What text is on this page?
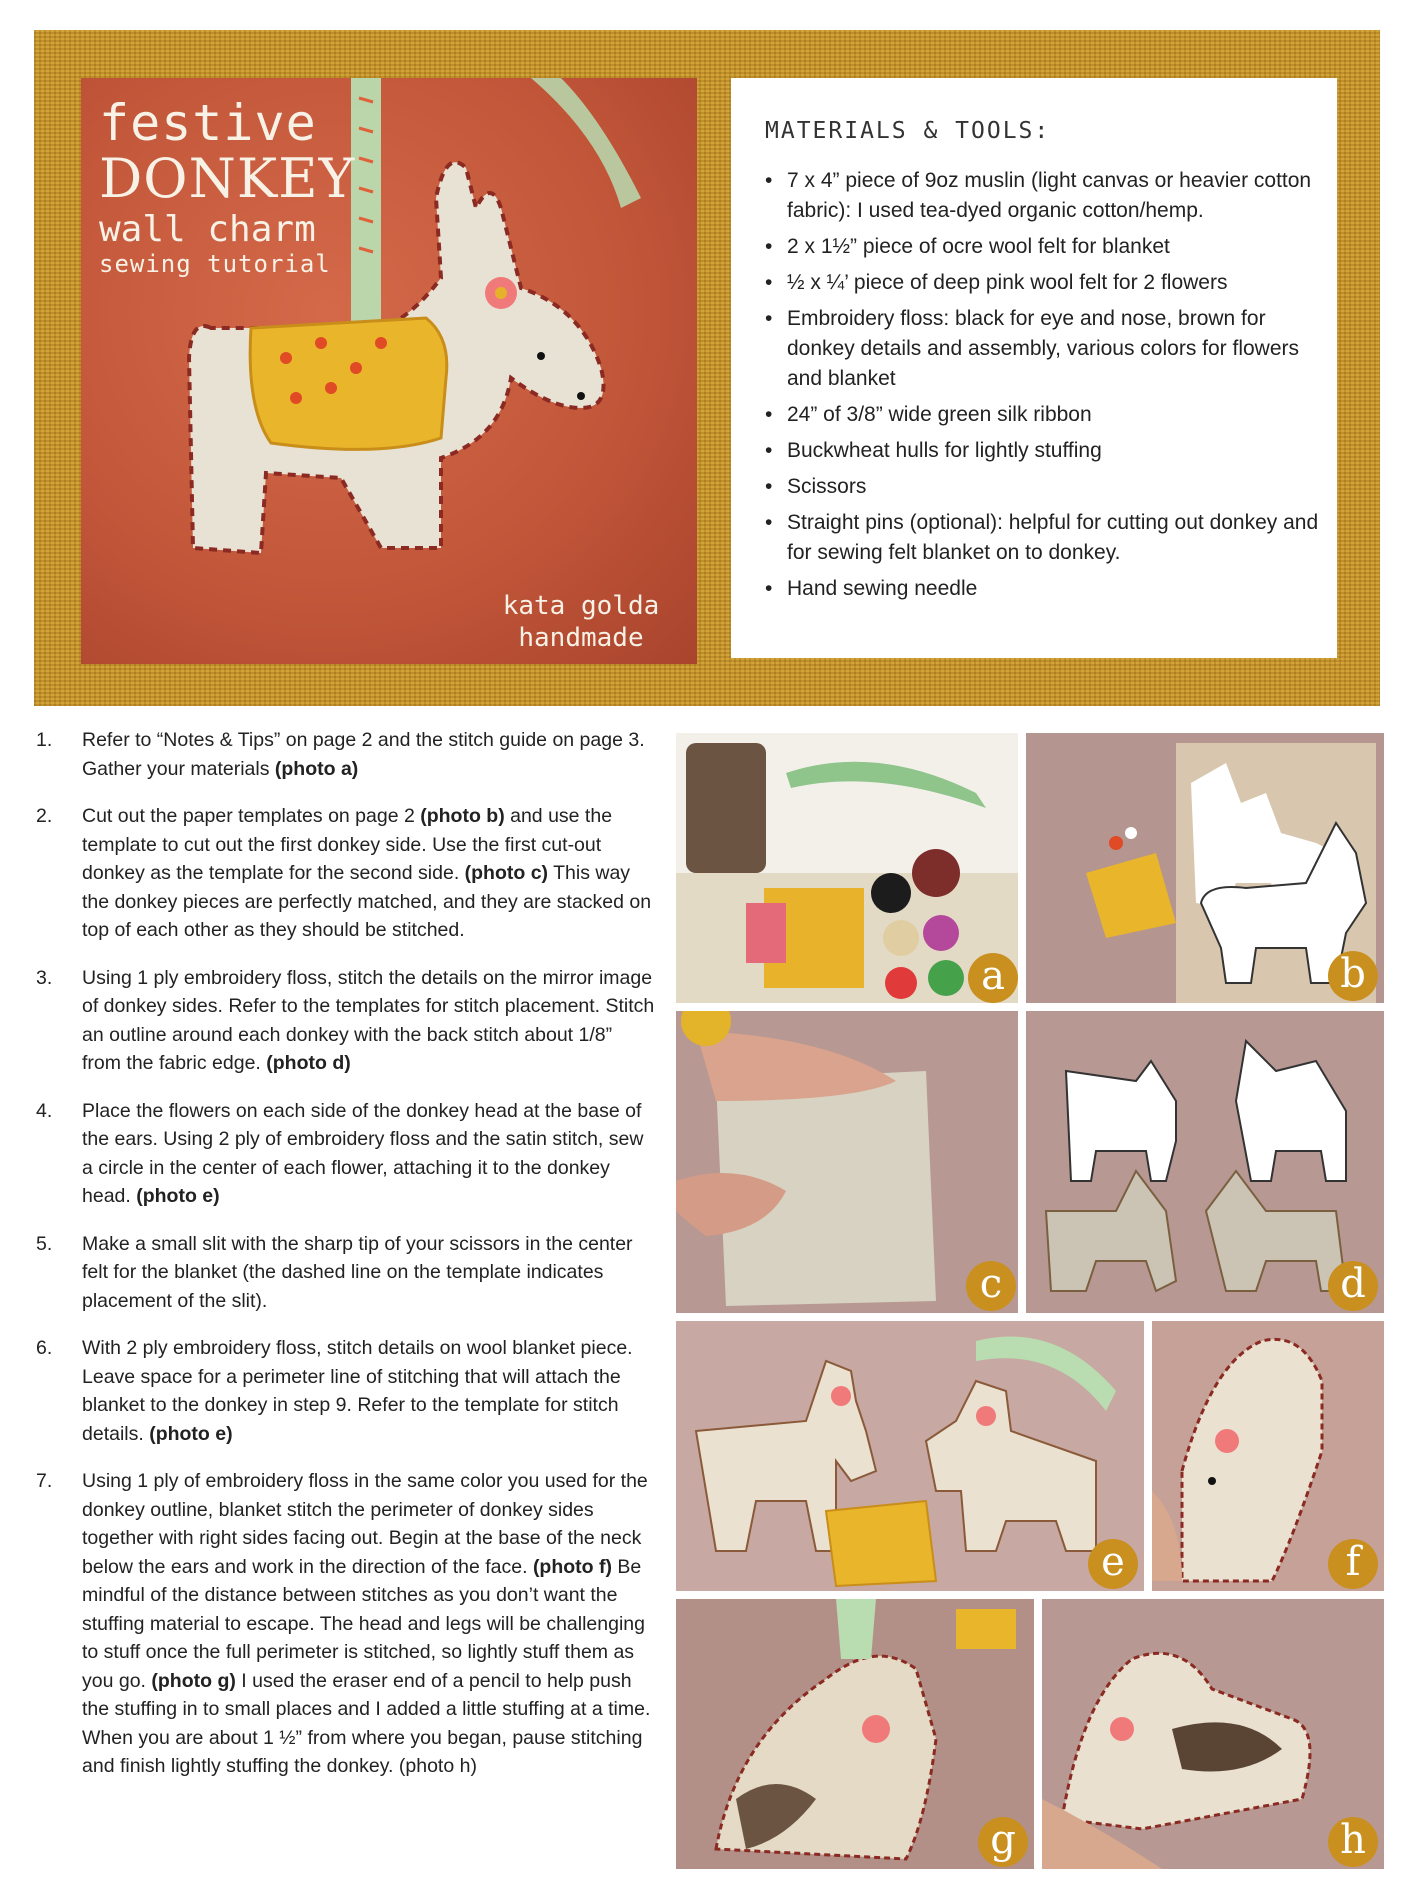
festive
DONKEY
wall charm
sewing tutorial
kata golda
handmade
MATERIALS & TOOLS:
• 7 x 4” piece of 9oz muslin (light canvas or heavier cotton fabric): I used tea-dyed organic cotton/hemp.
• 2 x 1½” piece of ocre wool felt for blanket
• ½ x ¼’ piece of deep pink wool felt for 2 flowers
• Embroidery floss: black for eye and nose, brown for donkey details and assembly, various colors for flowers and blanket
• 24” of 3/8” wide green silk ribbon
• Buckwheat hulls for lightly stuffing
• Scissors
• Straight pins (optional): helpful for cutting out donkey and for sewing felt blanket on to donkey.
• Hand sewing needle
1. Refer to “Notes & Tips” on page 2 and the stitch guide on page 3. Gather your materials (photo a)
2. Cut out the paper templates on page 2 (photo b) and use the template to cut out the first donkey side. Use the first cut-out donkey as the template for the second side. (photo c) This way the donkey pieces are perfectly matched, and they are stacked on top of each other as they should be stitched.
3. Using 1 ply embroidery floss, stitch the details on the mirror image of donkey sides. Refer to the templates for stitch placement. Stitch an outline around each donkey with the back stitch about 1/8” from the fabric edge. (photo d)
4. Place the flowers on each side of the donkey head at the base of the ears. Using 2 ply of embroidery floss and the satin stitch, sew a circle in the center of each flower, attaching it to the donkey head. (photo e)
5. Make a small slit with the sharp tip of your scissors in the center felt for the blanket (the dashed line on the template indicates placement of the slit).
6. With 2 ply embroidery floss, stitch details on wool blanket piece. Leave space for a perimeter line of stitching that will attach the blanket to the donkey in step 9. Refer to the template for stitch details. (photo e)
7. Using 1 ply of embroidery floss in the same color you used for the donkey outline, blanket stitch the perimeter of donkey sides together with right sides facing out. Begin at the base of the neck below the ears and work in the direction of the face. (photo f) Be mindful of the distance between stitches as you don’t want the stuffing material to escape. The head and legs will be challenging to stuff once the full perimeter is stitched, so lightly stuff them as you go. (photo g) I used the eraser end of a pencil to help push the stuffing in to small places and I added a little stuffing at a time. When you are about 1 ½” from where you began, pause stitching and finish lightly stuffing the donkey. (photo h)
a	b
c	d
e	f
g	h
